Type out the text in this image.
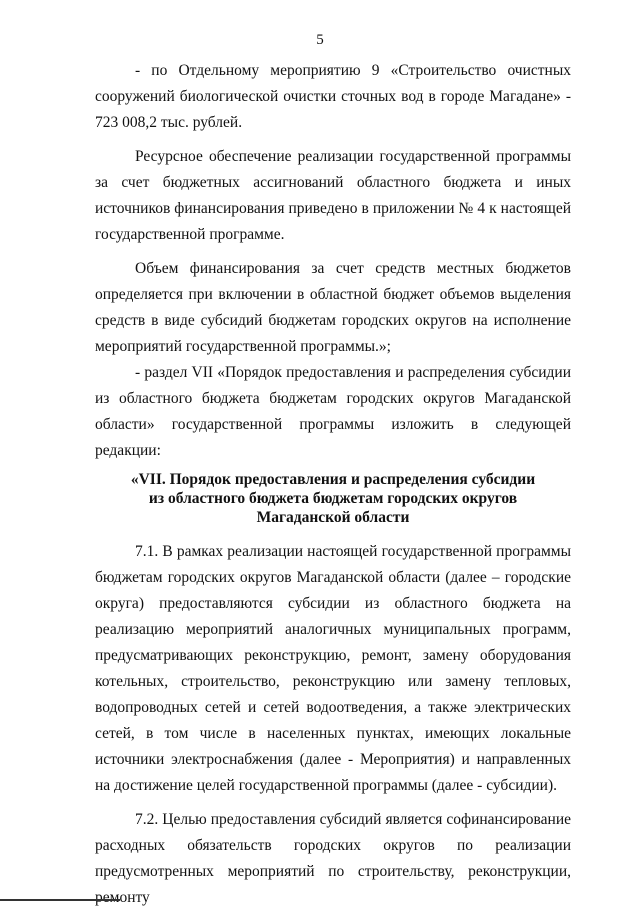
5

- по Отдельному мероприятию 9 «Строительство очистных сооружений биологической очистки сточных вод в городе Магадане» - 723 008,2 тыс. рублей.

Ресурсное обеспечение реализации государственной программы за счет бюджетных ассигнований областного бюджета и иных источников финансирования приведено в приложении № 4 к настоящей государственной программе.

Объем финансирования за счет средств местных бюджетов определяется при включении в областной бюджет объемов выделения средств в виде субсидий бюджетам городских округов на исполнение мероприятий государственной программы.»;

- раздел VII «Порядок предоставления и распределения субсидии из областного бюджета бюджетам городских округов Магаданской области» государственной программы изложить в следующей редакции:

«VII. Порядок предоставления и распределения субсидии
из областного бюджета бюджетам городских округов
Магаданской области

7.1. В рамках реализации настоящей государственной программы бюджетам городских округов Магаданской области (далее – городские округа) предоставляются субсидии из областного бюджета на реализацию мероприятий аналогичных муниципальных программ, предусматривающих реконструкцию, ремонт, замену оборудования котельных, строительство, реконструкцию или замену тепловых, водопроводных сетей и сетей водоотведения, а также электрических сетей, в том числе в населенных пунктах, имеющих локальные источники электроснабжения (далее - Мероприятия) и направленных на достижение целей государственной программы (далее - субсидии).

7.2. Целью предоставления субсидий является софинансирование расходных обязательств городских округов по реализации предусмотренных мероприятий по строительству, реконструкции, ремонту
